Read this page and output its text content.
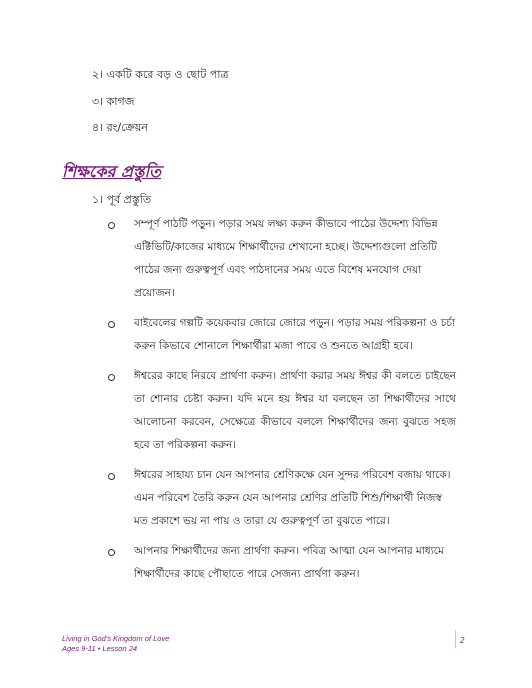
২। একটি করে বড় ও ছোট পাত্র
৩। কাগজ
৪। রং/ক্রেয়ন
শিক্ষকের প্রস্তুতি
১। পূর্ব প্রস্তুতি
সম্পূর্ণ পাঠটি পড়ুন। পড়ার সময় লক্ষ্য করুন কীভাবে পাঠের উদ্দেশ্য বিভিন্ন এক্টিভিটি/কাজের মাধ্যমে শিক্ষার্থীদের শেখানো হচ্ছে। উদ্দেশ্যগুলো প্রতিটি পাঠের জন্য গুরুত্বপূর্ণ এবং পাঠদানের সময় এতে বিশেষ মনযোগ দেয়া প্রয়োজন।
বাইবেলের গল্পটি কয়েকবার জোরে জোরে পড়ুন। পড়ার সময় পরিকল্পনা ও চর্চা করুন কিভাবে শোনালে শিক্ষার্থীরা মজা পাবে ও শুনতে আগ্রহী হবে।
ঈশ্বরের কাছে নিরবে প্রার্থণা করুন। প্রার্থণা করার সময় ঈশ্বর কী বলতে চাইছেন তা শোনার চেষ্টা করুন। যদি মনে হয় ঈশ্বর যা বলছেন তা শিক্ষার্থীদের সাথে আলোচনা করবেন, সেক্ষেত্রে কীভাবে বললে শিক্ষার্থীদের জন্য বুঝতে সহজ হবে তা পরিকল্পনা করুন।
ঈশ্বরের সাহায্য চান যেন আপনার শ্রেণিকক্ষে যেন সুন্দর পরিবেশ বজায় থাকে। এমন পরিবেশ তৈরি করুন যেন আপনার শ্রেণির প্রতিটি শিশু/শিক্ষার্থী নিজস্ব মত প্রকাশে ভয় না পায় ও তারা যে গুরুত্বপূর্ণ তা বুঝতে পারে।
আপনার শিক্ষার্থীদের জন্য প্রার্থণা করুন। পবিত্র আত্মা যেন আপনার মাধ্যমে শিক্ষার্থীদের কাছে পৌছাতে পারে সেজন্য প্রার্থণা করুন।
Living in God's Kingdom of Love
Ages 9-11 • Lesson 24
2
